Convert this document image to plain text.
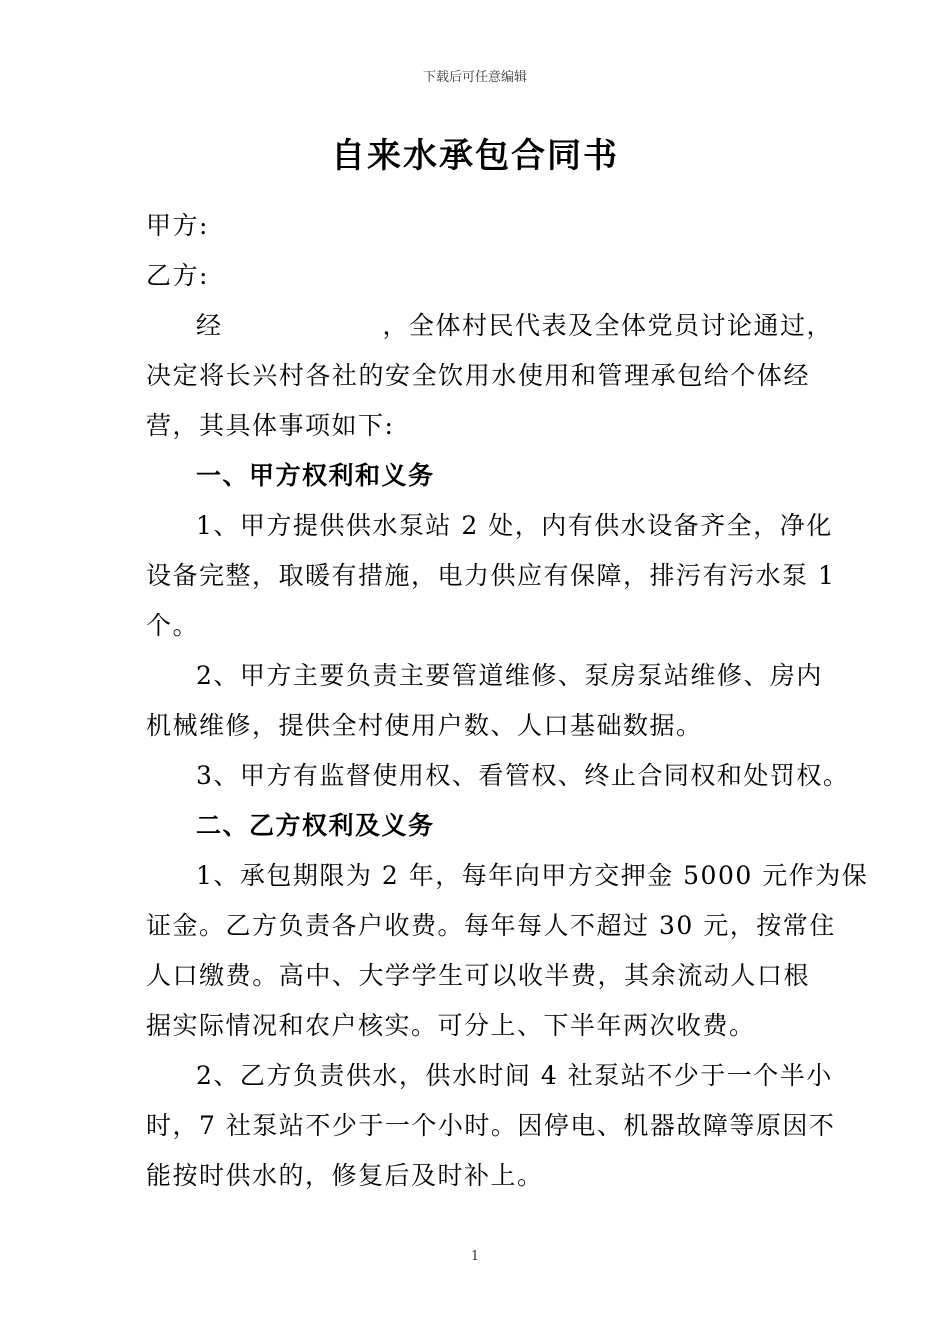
下载后可任意编辑
自来水承包合同书
甲方:
乙方:
经	，全体村民代表及全体党员讨论通过，
决定将长兴村各社的安全饮用水使用和管理承包给个体经
营，其具体事项如下:
一、甲方权利和义务
1、甲方提供供水泵站 2 处，内有供水设备齐全，净化
设备完整，取暖有措施，电力供应有保障，排污有污水泵 1
个。
2、甲方主要负责主要管道维修、泵房泵站维修、房内
机械维修，提供全村使用户数、人口基础数据。
3、甲方有监督使用权、看管权、终止合同权和处罚权。
二、乙方权利及义务
1、承包期限为 2 年，每年向甲方交押金 5000 元作为保
证金。乙方负责各户收费。每年每人不超过 30 元，按常住
人口缴费。高中、大学学生可以收半费，其余流动人口根
据实际情况和农户核实。可分上、下半年两次收费。
2、乙方负责供水，供水时间 4 社泵站不少于一个半小
时，7 社泵站不少于一个小时。因停电、机器故障等原因不
能按时供水的，修复后及时补上。
1
